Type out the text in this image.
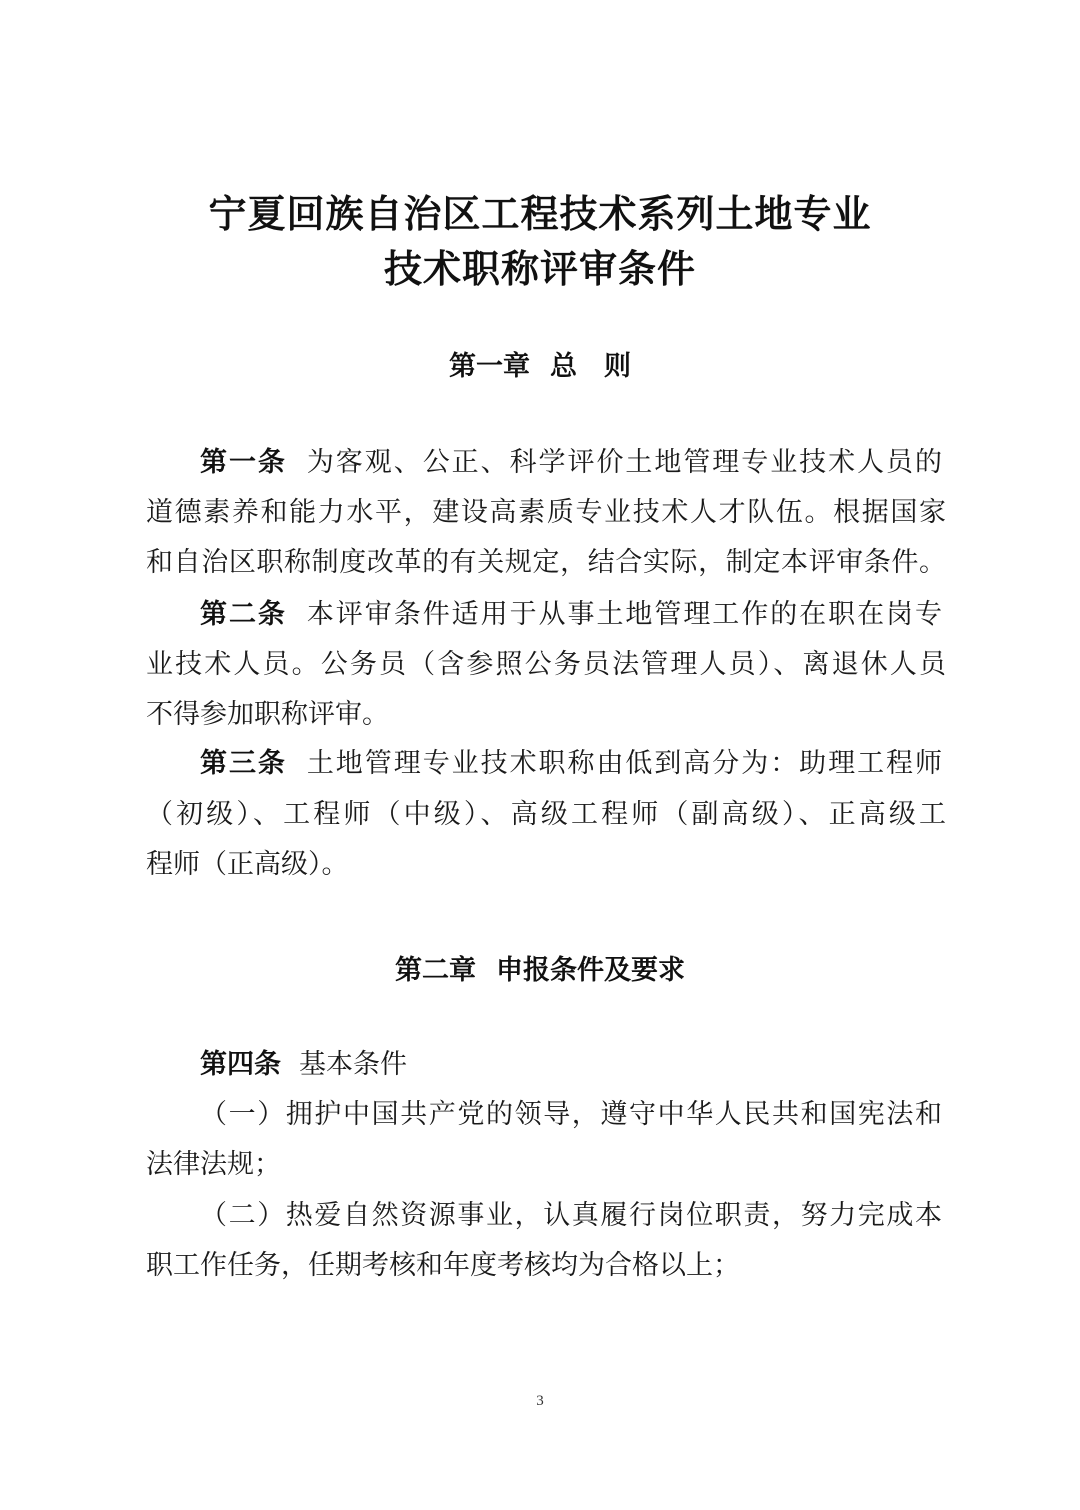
宁夏回族自治区工程技术系列土地专业
技术职称评审条件
第一章 总　则
第一条 为客观、公正、科学评价土地管理专业技术人员的
道德素养和能力水平，建设高素质专业技术人才队伍。根据国家
和自治区职称制度改革的有关规定，结合实际，制定本评审条件。
第二条 本评审条件适用于从事土地管理工作的在职在岗专
业技术人员。公务员（含参照公务员法管理人员）、离退休人员
不得参加职称评审。
第三条 土地管理专业技术职称由低到高分为：助理工程师
（初级）、工程师（中级）、高级工程师（副高级）、正高级工
程师（正高级）。
第二章 申报条件及要求
第四条 基本条件
（一）拥护中国共产党的领导，遵守中华人民共和国宪法和
法律法规；
（二）热爱自然资源事业，认真履行岗位职责，努力完成本
职工作任务，任期考核和年度考核均为合格以上；
3
